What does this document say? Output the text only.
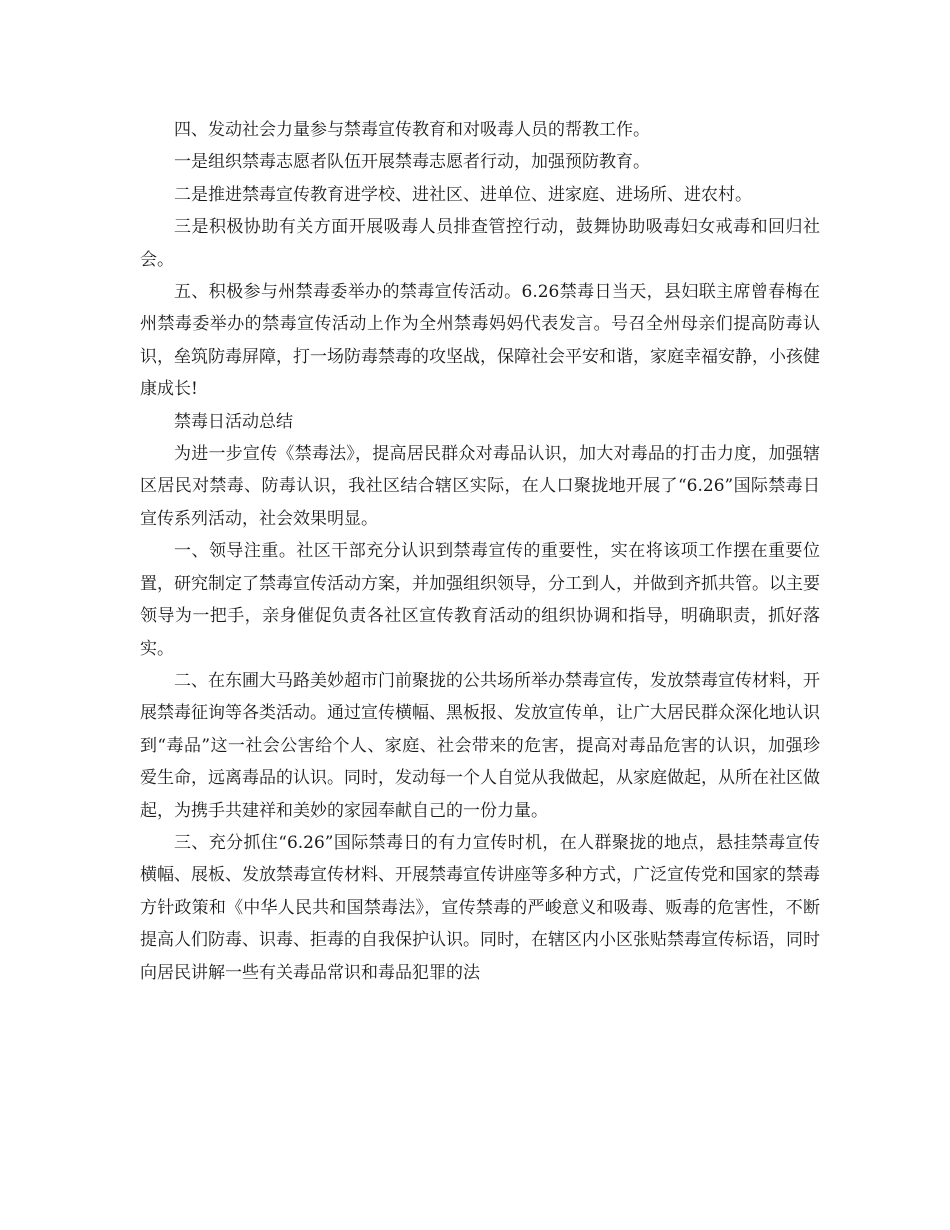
四、发动社会力量参与禁毒宣传教育和对吸毒人员的帮教工作。

一是组织禁毒志愿者队伍开展禁毒志愿者行动，加强预防教育。

二是推进禁毒宣传教育进学校、进社区、进单位、进家庭、进场所、进农村。

三是积极协助有关方面开展吸毒人员排查管控行动，鼓舞协助吸毒妇女戒毒和回归社会。

五、积极参与州禁毒委举办的禁毒宣传活动。6.26禁毒日当天，县妇联主席曾春梅在州禁毒委举办的禁毒宣传活动上作为全州禁毒妈妈代表发言。号召全州母亲们提高防毒认识，垒筑防毒屏障，打一场防毒禁毒的攻坚战，保障社会平安和谐，家庭幸福安静，小孩健康成长!

禁毒日活动总结

为进一步宣传《禁毒法》，提高居民群众对毒品认识，加大对毒品的打击力度，加强辖区居民对禁毒、防毒认识，我社区结合辖区实际，在人口聚拢地开展了“6.26”国际禁毒日宣传系列活动，社会效果明显。

一、领导注重。社区干部充分认识到禁毒宣传的重要性，实在将该项工作摆在重要位置，研究制定了禁毒宣传活动方案，并加强组织领导，分工到人，并做到齐抓共管。以主要领导为一把手，亲身催促负责各社区宣传教育活动的组织协调和指导，明确职责，抓好落实。

二、在东圃大马路美妙超市门前聚拢的公共场所举办禁毒宣传，发放禁毒宣传材料，开展禁毒征询等各类活动。通过宣传横幅、黑板报、发放宣传单，让广大居民群众深化地认识到“毒品”这一社会公害给个人、家庭、社会带来的危害，提高对毒品危害的认识，加强珍爱生命，远离毒品的认识。同时，发动每一个人自觉从我做起，从家庭做起，从所在社区做起，为携手共建祥和美妙的家园奉献自己的一份力量。

三、充分抓住“6.26”国际禁毒日的有力宣传时机，在人群聚拢的地点，悬挂禁毒宣传横幅、展板、发放禁毒宣传材料、开展禁毒宣传讲座等多种方式，广泛宣传党和国家的禁毒方针政策和《中华人民共和国禁毒法》，宣传禁毒的严峻意义和吸毒、贩毒的危害性，不断提高人们防毒、识毒、拒毒的自我保护认识。同时，在辖区内小区张贴禁毒宣传标语，同时向居民讲解一些有关毒品常识和毒品犯罪的法
